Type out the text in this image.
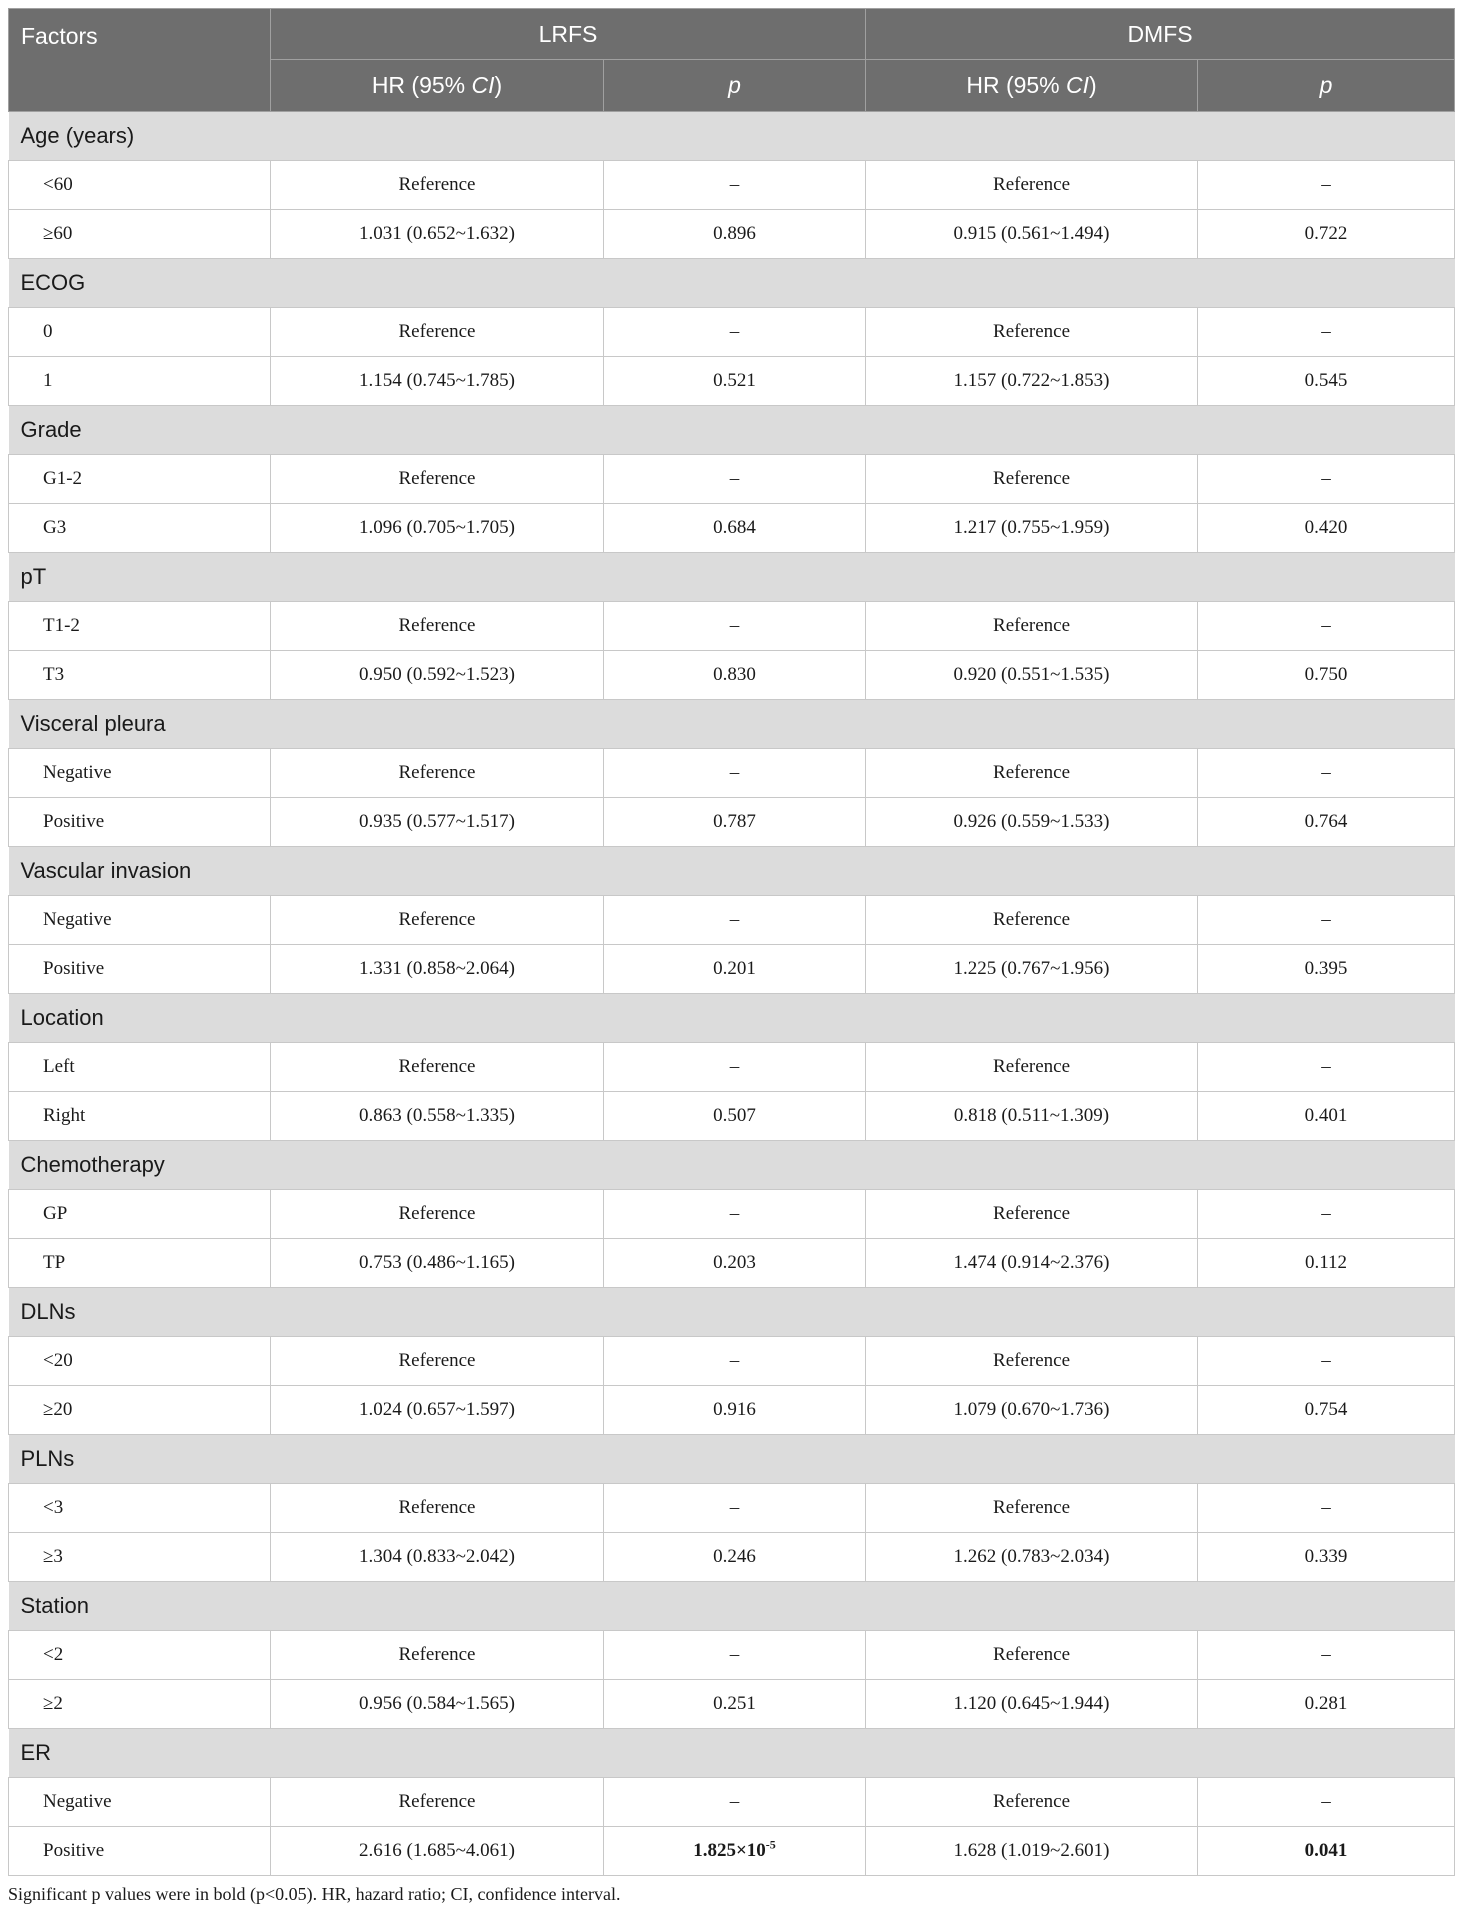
Factors	LRFS		DMFS	
	HR (95% CI)	p	HR (95% CI)	p
Age (years)				
<60	Reference	–	Reference	–
≥60	1.031 (0.652~1.632)	0.896	0.915 (0.561~1.494)	0.722
ECOG				
0	Reference	–	Reference	–
1	1.154 (0.745~1.785)	0.521	1.157 (0.722~1.853)	0.545
Grade				
G1-2	Reference	–	Reference	–
G3	1.096 (0.705~1.705)	0.684	1.217 (0.755~1.959)	0.420
pT				
T1-2	Reference	–	Reference	–
T3	0.950 (0.592~1.523)	0.830	0.920 (0.551~1.535)	0.750
Visceral pleura				
Negative	Reference	–	Reference	–
Positive	0.935 (0.577~1.517)	0.787	0.926 (0.559~1.533)	0.764
Vascular invasion				
Negative	Reference	–	Reference	–
Positive	1.331 (0.858~2.064)	0.201	1.225 (0.767~1.956)	0.395
Location				
Left	Reference	–	Reference	–
Right	0.863 (0.558~1.335)	0.507	0.818 (0.511~1.309)	0.401
Chemotherapy				
GP	Reference	–	Reference	–
TP	0.753 (0.486~1.165)	0.203	1.474 (0.914~2.376)	0.112
DLNs				
<20	Reference	–	Reference	–
≥20	1.024 (0.657~1.597)	0.916	1.079 (0.670~1.736)	0.754
PLNs				
<3	Reference	–	Reference	–
≥3	1.304 (0.833~2.042)	0.246	1.262 (0.783~2.034)	0.339
Station				
<2	Reference	–	Reference	–
≥2	0.956 (0.584~1.565)	0.251	1.120 (0.645~1.944)	0.281
ER				
Negative	Reference	–	Reference	–
Positive	2.616 (1.685~4.061)	$1.825\times 10^{-5}$	1.628 (1.019~2.601)	0.041
Significant p values were in bold (p<0.05). HR, hazard ratio; CI, confidence interval.
